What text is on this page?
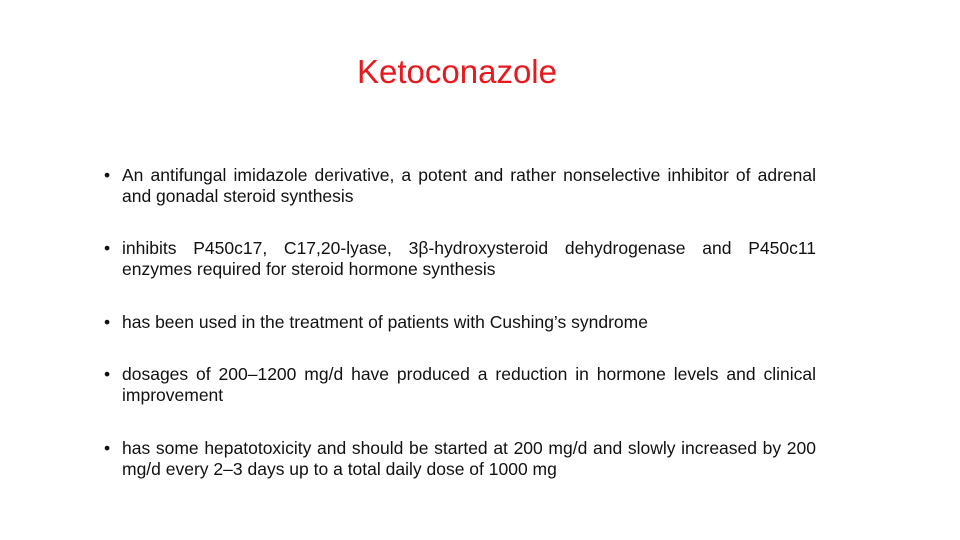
Ketoconazole
• An antifungal imidazole derivative, a potent and rather nonselective inhibitor of adrenal and gonadal steroid synthesis
• inhibits P450c17, C17,20-lyase, 3β-hydroxysteroid dehydrogenase and P450c11 enzymes required for steroid hormone synthesis
• has been used in the treatment of patients with Cushing’s syndrome
• dosages of 200–1200 mg/d have produced a reduction in hormone levels and clinical improvement
• has some hepatotoxicity and should be started at 200 mg/d and slowly increased by 200 mg/d every 2–3 days up to a total daily dose of 1000 mg
